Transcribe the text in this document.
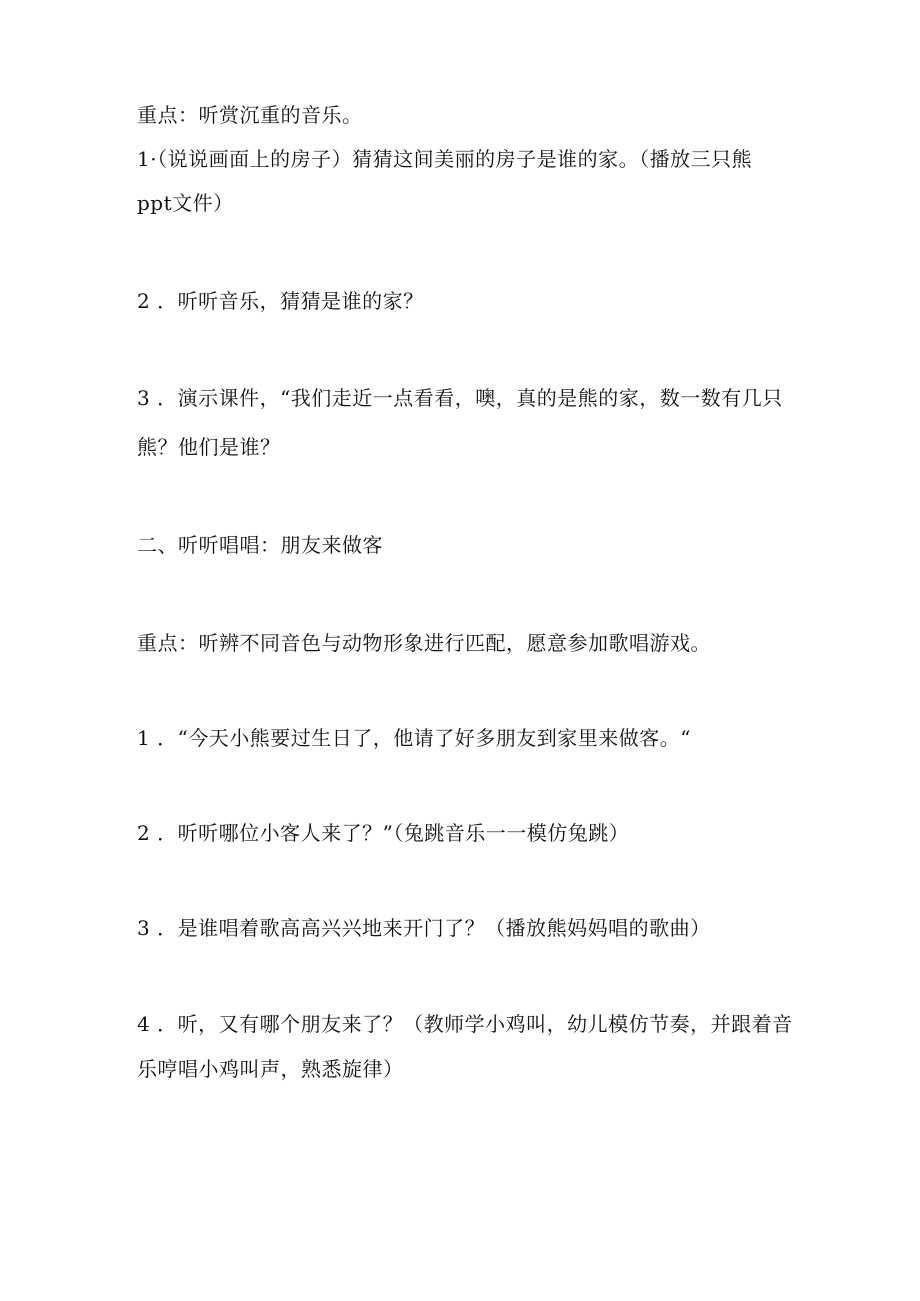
重点：听赏沉重的音乐。
1·（说说画面上的房子）猜猜这间美丽的房子是谁的家。（播放三只熊
ppt文件）
2 ．听听音乐，猜猜是谁的家？
3 ．演示课件，“我们走近一点看看，噢，真的是熊的家，数一数有几只
熊？他们是谁？
二、听听唱唱：朋友来做客
重点：听辨不同音色与动物形象进行匹配，愿意参加歌唱游戏。
1 ．“今天小熊要过生日了，他请了好多朋友到家里来做客。“
2 ．听听哪位小客人来了？”（兔跳音乐一一模仿兔跳）
3 ．是谁唱着歌高高兴兴地来开门了？（播放熊妈妈唱的歌曲）
4 ．听，又有哪个朋友来了？（教师学小鸡叫，幼儿模仿节奏，并跟着音
乐哼唱小鸡叫声，熟悉旋律）
